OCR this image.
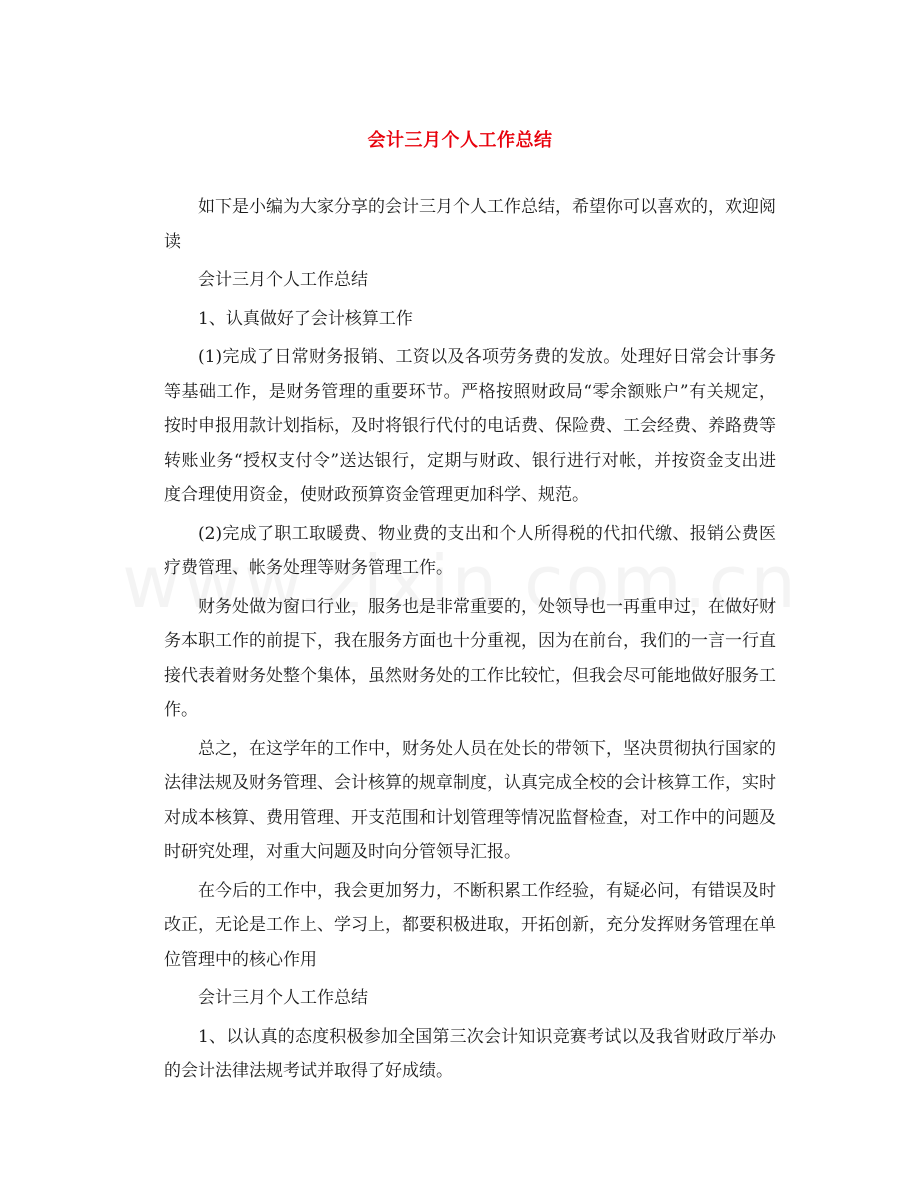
会计三月个人工作总结

如下是小编为大家分享的会计三月个人工作总结，希望你可以喜欢的，欢迎阅读

会计三月个人工作总结

1、认真做好了会计核算工作

(1)完成了日常财务报销、工资以及各项劳务费的发放。处理好日常会计事务等基础工作，是财务管理的重要环节。严格按照财政局“零余额账户”有关规定，按时申报用款计划指标，及时将银行代付的电话费、保险费、工会经费、养路费等转账业务“授权支付令”送达银行，定期与财政、银行进行对帐，并按资金支出进度合理使用资金，使财政预算资金管理更加科学、规范。

(2)完成了职工取暖费、物业费的支出和个人所得税的代扣代缴、报销公费医疗费管理、帐务处理等财务管理工作。

财务处做为窗口行业，服务也是非常重要的，处领导也一再重申过，在做好财务本职工作的前提下，我在服务方面也十分重视，因为在前台，我们的一言一行直接代表着财务处整个集体，虽然财务处的工作比较忙，但我会尽可能地做好服务工作。

总之，在这学年的工作中，财务处人员在处长的带领下，坚决贯彻执行国家的法律法规及财务管理、会计核算的规章制度，认真完成全校的会计核算工作，实时对成本核算、费用管理、开支范围和计划管理等情况监督检查，对工作中的问题及时研究处理，对重大问题及时向分管领导汇报。

在今后的工作中，我会更加努力，不断积累工作经验，有疑必问，有错误及时改正，无论是工作上、学习上，都要积极进取，开拓创新，充分发挥财务管理在单位管理中的核心作用

会计三月个人工作总结

1、以认真的态度积极参加全国第三次会计知识竞赛考试以及我省财政厅举办的会计法律法规考试并取得了好成绩。
